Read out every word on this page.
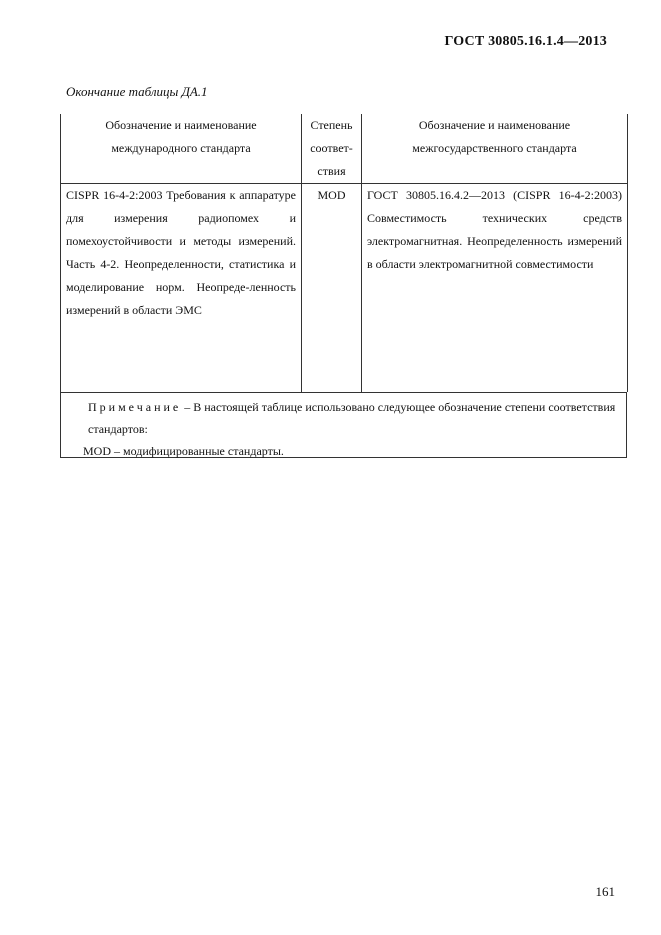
ГОСТ 30805.16.1.4—2013
Окончание таблицы ДА.1
Обозначение и наименование международного стандарта	Степень соответ-ствия	Обозначение и наименование межгосударственного стандарта

CISPR 16-4-2:2003 Требования к аппаратуре для измерения радиопомех и помехоустойчивости и методы измерений. Часть 4-2. Неопределенности, статистика и моделирование норм. Неопреде-ленность измерений в области ЭМС	MOD	ГОСТ 30805.16.4.2—2013 (CISPR 16-4-2:2003) Совместимость технических средств электромагнитная. Неопределенность измерений в области электромагнитной совместимости
Примечание – В настоящей таблице использовано следующее обозначение степени соответствия стандартов:
MOD – модифицированные стандарты.
161
